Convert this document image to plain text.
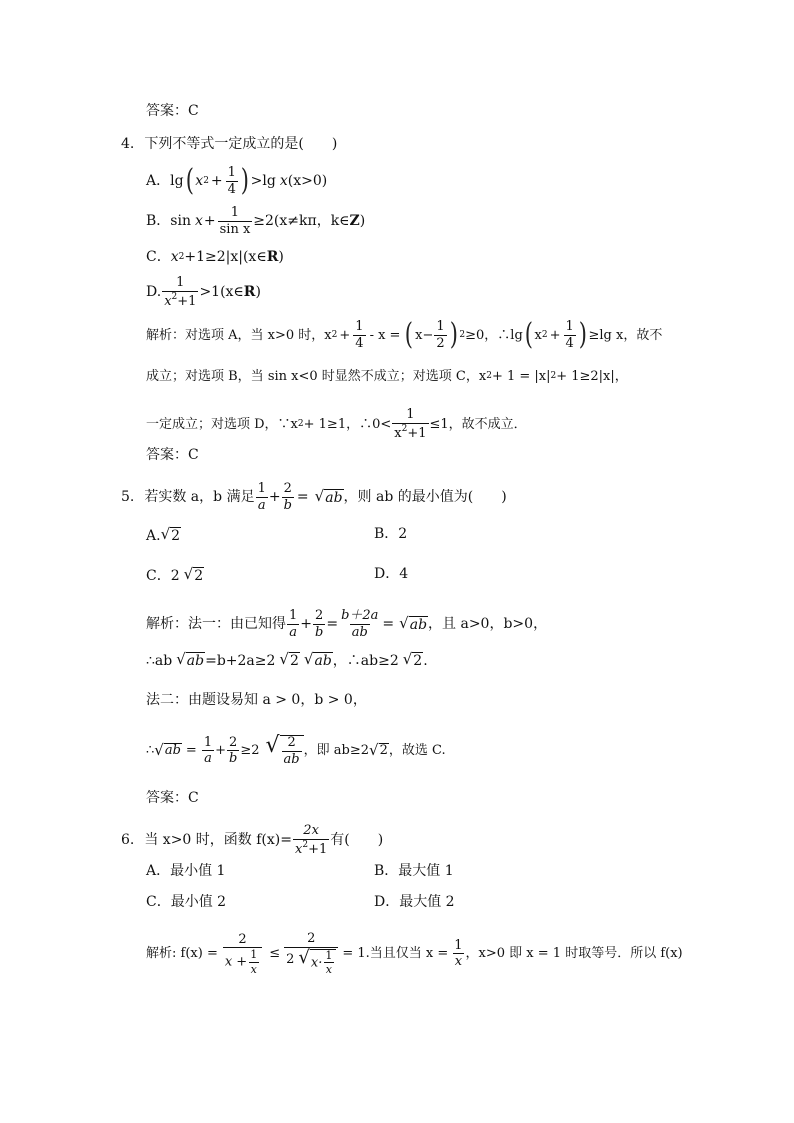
答案：C
4. 下列不等式一定成立的是(　　)
A．lg ( x $2 + \frac{1}{4}$ ) >lg x (x>0)
B．$\sin x + \frac{1}{\text{sin x}} \ge 2(x\ne k\pi$，k∈ Z )
C． x 2 +1≥2|x|(x∈ R )
D. $\frac{1}{x^2+1}$ >1(x∈ R )
解析 ：对选项 A，当 x>0 时，x $2 + \frac{1}{4} - x$ = ( $x- \frac{1}{2}$ ) 2 ≥0，∴lg ( x $2 + \frac{1}{4}$ ) ≥lg x，故不
成立；对选项 B，当 sin x<0 时显然不成立；对选项 C，x 2 + 1 = |x| 2 + 1≥2|x|，
一定成立；对选项 D，∵x 2 + 1≥1，∴0< $\frac{1}{x^2+1} \le 1$，故不成立．
答案：C
5. 若实数 a，b 满足 $\frac{1}{a} + \frac{2}{b}$ = √ ab ，则 ab 的最小值为(　　)
A. √ 2	B．2
C．2 √ 2	D．4
解析 ：法一：由已知得 $\frac{1}{a} + \frac{2}{b} = \frac{b+2a}{ab}$ = √ ab ，且 a>0，b>0，
∴ab √ ab =b+2a≥2 √ 2 √ ab ，∴ab≥2 √ 2 .
法二：由题设易知 a > 0，b > 0，
∴ √ ab = $\frac{1}{a} + \frac{2}{b} \ge 2$ √ $\frac{2}{ab}$ ，即 ab≥2 √ 2 ，故选 C.
答案：C
6. 当 x>0 时，函数 $f(x)= \frac{2x}{x^2+1}$ 有(　　)
A．最小值 1	B．最大值 1
C．最小值 2	D．最大值 2
解析 : $f(x) = \frac{2}{x + \frac{1}{x}} \le \frac{2}{2 √ x\cdot \frac{1}{x}} = 1$.当且仅当 $x = \frac{1}{x}$ ，x>0 即 x = 1 时取等号．所以 f(x)
